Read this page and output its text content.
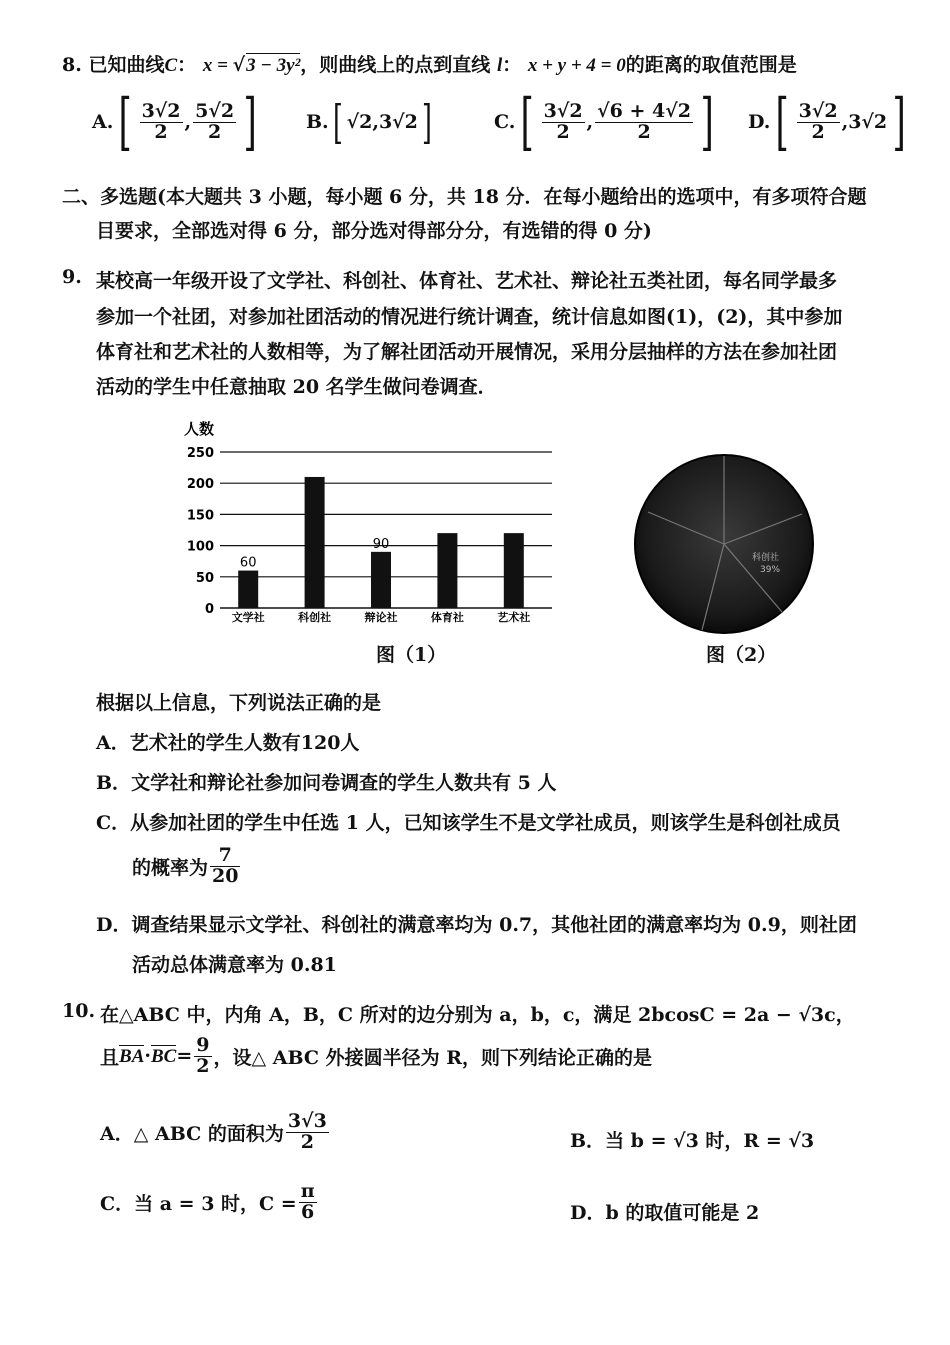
8. 已知曲线C： x = √3 − 3y²，则曲线上的点到直线 l： x + y + 4 = 0的距离的取值范围是
A. [ $\frac{3√2}{2}$ , $\frac{5√2}{2}$ ]	B. [ √2,3√2 ]	C. [ $\frac{3√2}{2}$ , $\frac{√6 + 4√2}{2}$ ] D. [ $\frac{3√2}{2}$ , 3√2 ]
二、多选题(本大题共 3 小题，每小题 6 分，共 18 分．在每小题给出的选项中，有多项符合题
目要求，全部选对得 6 分，部分选对得部分分，有选错的得 0 分)
9. 某校高一年级开设了文学社、科创社、体育社、艺术社、辩论社五类社团，每名同学最多
参加一个社团，对参加社团活动的情况进行统计调查，统计信息如图(1)，(2)，其中参加
体育社和艺术社的人数相等，为了解社团活动开展情况，采用分层抽样的方法在参加社团
活动的学生中任意抽取 20 名学生做问卷调查．
人数
0
50
100
150
200
250
文学社
60
科创社	辩论社
90
体育社	艺术社
图（1）
科创社
39%
图（2）
根据以上信息，下列说法正确的是
A．艺术社的学生人数有120人
B．文学社和辩论社参加问卷调查的学生人数共有 5 人
C．从参加社团的学生中任选 1 人，已知该学生不是文学社成员，则该学生是科创社成员
的概率为 $\frac{7}{20}$
D．调查结果显示文学社、科创社的满意率均为 0.7，其他社团的满意率均为 0.9，则社团
活动总体满意率为 0.81
10. 在△ABC 中，内角 A，B，C 所对的边分别为 a，b，c，满足 2bcosC = 2a − √3c，
且 BA · BC = $\frac{9}{2}$ ，设△ ABC 外接圆半径为 R，则下列结论正确的是
A． △ ABC 的面积为 $\frac{3√3}{2}$	B．当 b = √3 时，R = √3
C． 当 a = 3 时，$C = \frac{\pi}{6}$	D．b 的取值可能是 2
